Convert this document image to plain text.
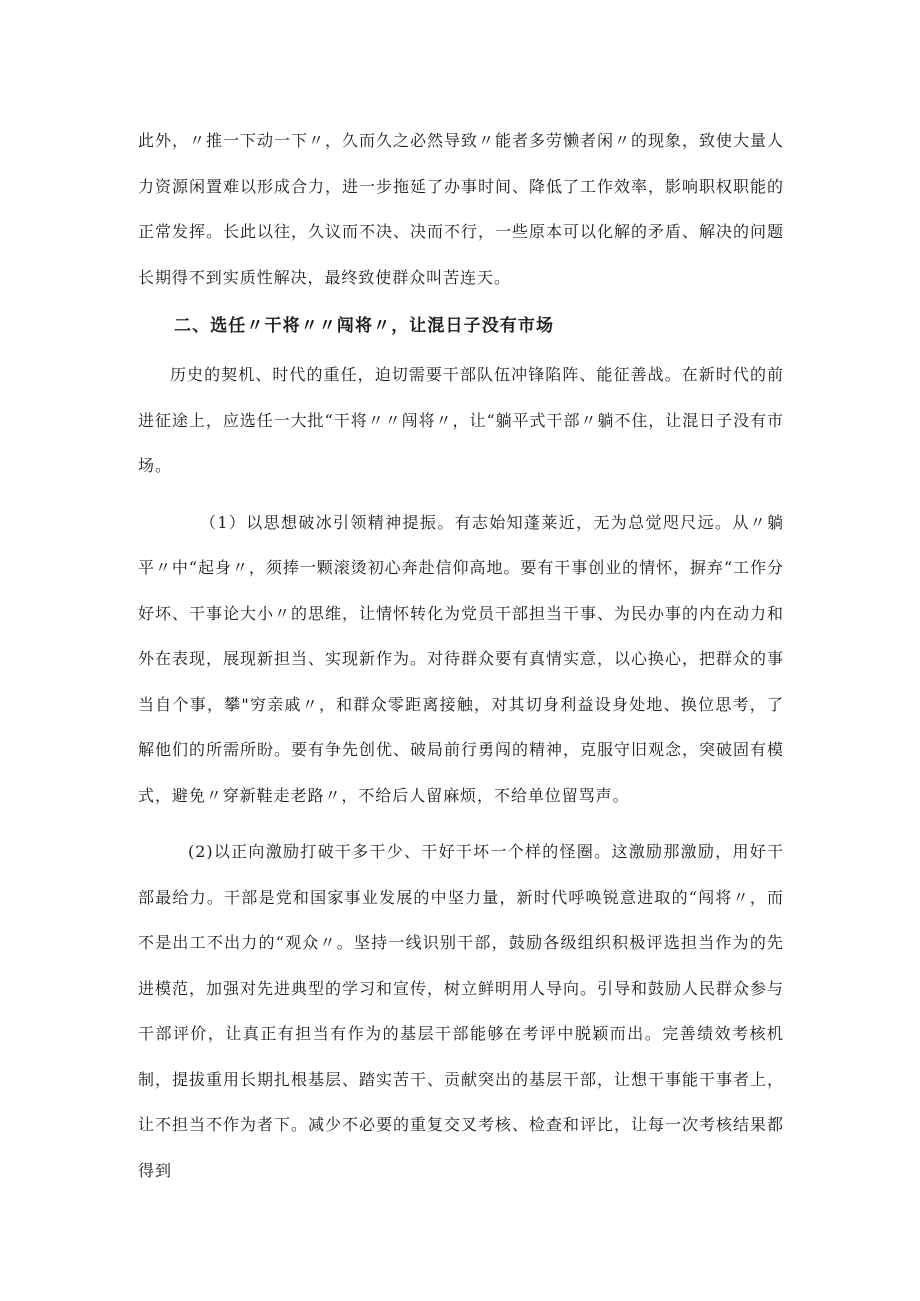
此外，〃推一下动一下〃，久而久之必然导致〃能者多劳懒者闲〃的现象，致使大量人力资源闲置难以形成合力，进一步拖延了办事时间、降低了工作效率，影响职权职能的正常发挥。长此以往，久议而不决、决而不行，一些原本可以化解的矛盾、解决的问题长期得不到实质性解决，最终致使群众叫苦连天。

二、选任〃干将〃〃闯将〃，让混日子没有市场

历史的契机、时代的重任，迫切需要干部队伍冲锋陷阵、能征善战。在新时代的前进征途上，应选任一大批“干将〃〃闯将〃，让“躺平式干部〃躺不住，让混日子没有市场。

（1）以思想破冰引领精神提振。有志始知蓬莱近，无为总觉咫尺远。从〃躺平〃中“起身〃，须捧一颗滚烫初心奔赴信仰高地。要有干事创业的情怀，摒弃“工作分好坏、干事论大小〃的思维，让情怀转化为党员干部担当干事、为民办事的内在动力和外在表现，展现新担当、实现新作为。对待群众要有真情实意，以心换心，把群众的事当自个事，攀"穷亲戚〃，和群众零距离接触，对其切身利益设身处地、换位思考，了解他们的所需所盼。要有争先创优、破局前行勇闯的精神，克服守旧观念，突破固有模式，避免〃穿新鞋走老路〃，不给后人留麻烦，不给单位留骂声。

(2)以正向激励打破干多干少、干好干坏一个样的怪圈。这激励那激励，用好干部最给力。干部是党和国家事业发展的中坚力量，新时代呼唤锐意进取的“闯将〃，而不是出工不出力的“观众〃。坚持一线识别干部，鼓励各级组织积极评选担当作为的先进模范，加强对先进典型的学习和宣传，树立鲜明用人导向。引导和鼓励人民群众参与干部评价，让真正有担当有作为的基层干部能够在考评中脱颖而出。完善绩效考核机制，提拔重用长期扎根基层、踏实苦干、贡献突出的基层干部，让想干事能干事者上，让不担当不作为者下。减少不必要的重复交叉考核、检查和评比，让每一次考核结果都得到
